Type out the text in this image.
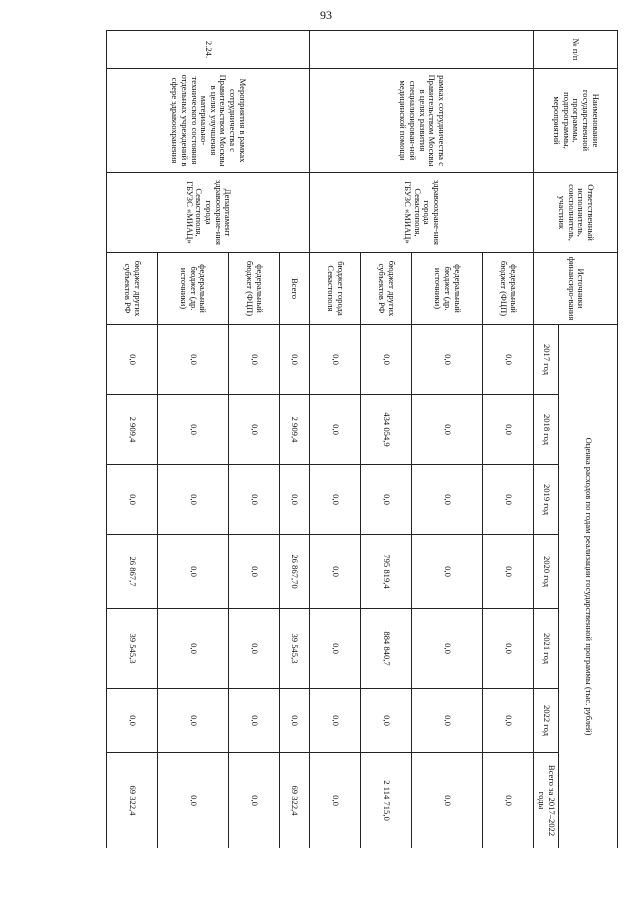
93
№ п/п	Наименование государственной программы, подпрограммы, мероприятий	Ответственный исполнитель, соисполнитель, участник	Источники финансиро-вания	Оценка расходов по годам реализации государственной программы (тыс. рублей)						
				2017 год	2018 год	2019 год	2020 год	2021 год	2022 год	Всего за 2017–2022 годы
	рамках сотрудничества с Правительством Москвы в целях развития специализирован-ной медицинской помощи	здравоохране-ния города Севастополя, ГБУЗС «МИАЦ»	федеральный бюджет (ФЦП)	0,0	0,0	0,0	0,0	0,0	0,0	0,0
			федеральный бюджет (др. источники)	0,0	0,0	0,0	0,0	0,0	0,0	0,0
			бюджет других субъектов РФ	0,0	434 054,9	0,0	795 819,4	884 840,7	0,0	2 114 715,0
			бюджет города Севастополя	0,0	0,0	0,0	0,0	0,0	0,0	0,0
2.24.	Мероприятия в рамках сотрудничества с Правительством Москвы в целях улучшения материально-технического состояния отдельных учреждений в сфере здравоохранения	Департамент здравоохране-ния города Севастополя, ГБУЗС «МИАЦ»	Всего	0,0	2 909,4	0,0	26 867,70	39 545,3	0,0	69 322,4
			федеральный бюджет (ФЦП)	0,0	0,0	0,0	0,0	0,0	0,0	0,0
			федеральный бюджет (др. источники)	0,0	0,0	0,0	0,0	0,0	0,0	0,0
			бюджет других субъектов РФ	0,0	2 909,4	0,0	26 867,7	39 545,3	0,0	69 322,4
